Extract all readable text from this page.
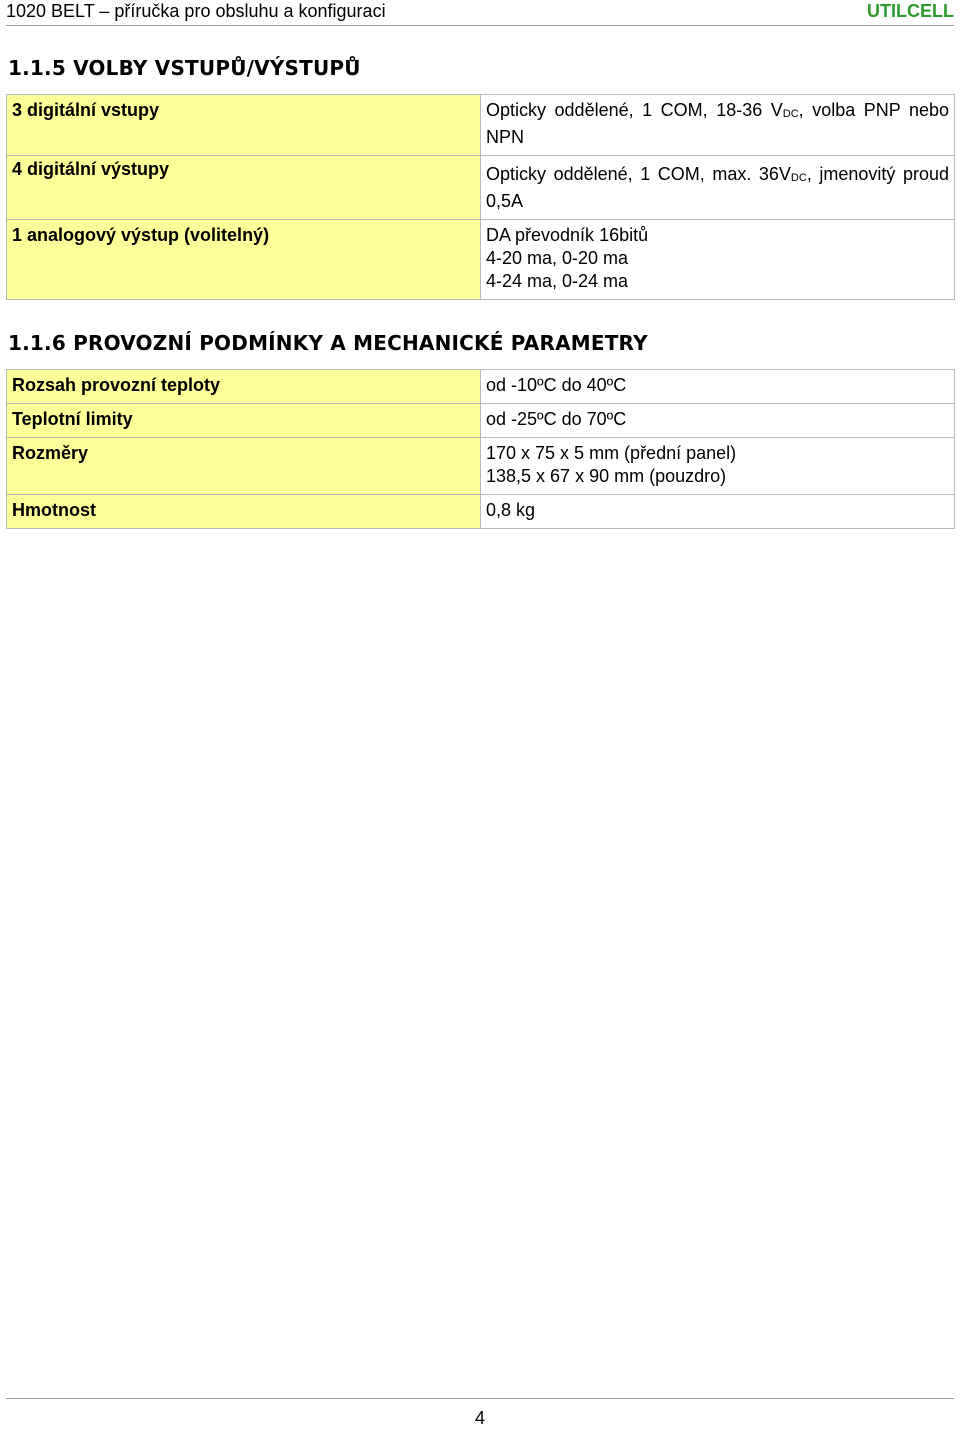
1020 BELT – příručka pro obsluhu a konfiguraci	UTILCELL
1.1.5 VOLBY VSTUPŮ/VÝSTUPŮ
3 digitální vstupy	Opticky oddělené, 1 COM, 18-36 $V_{DC}$, volba PNP nebo NPN
4 digitální výstupy	Opticky oddělené, 1 COM, max. $36V_{DC}$, jmenovitý proud 0,5A
1 analogový výstup (volitelný)	DA převodník 16bitů
4-20 ma, 0-20 ma
4-24 ma, 0-24 ma
1.1.6 PROVOZNÍ PODMÍNKY A MECHANICKÉ PARAMETRY
Rozsah provozní teploty	od -10ºC do 40ºC

Teplotní limity	od -25ºC do 70ºC

Rozměry	170 x 75 x 5 mm (přední panel)
138,5 x 67 x 90 mm (pouzdro)

Hmotnost	0,8 kg
4
